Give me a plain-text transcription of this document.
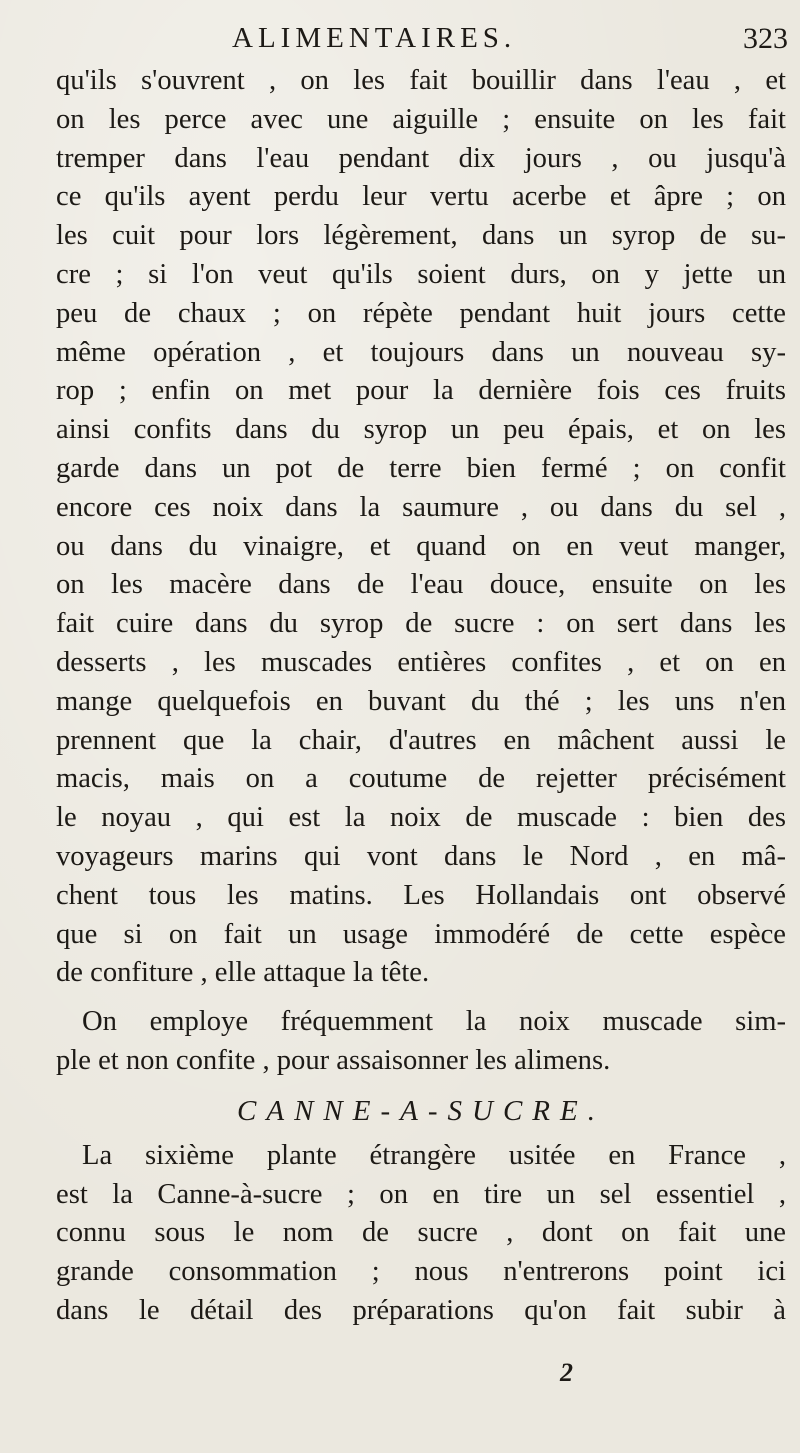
ALIMENTAIRES.	323
qu'ils s'ouvrent , on les fait bouillir dans l'eau , et
on les perce avec une aiguille ; ensuite on les fait
tremper dans l'eau pendant dix jours , ou jusqu'à
ce qu'ils ayent perdu leur vertu acerbe et âpre ; on
les cuit pour lors légèrement, dans un syrop de su-
cre ; si l'on veut qu'ils soient durs, on y jette un
peu de chaux ; on répète pendant huit jours cette
même opération , et toujours dans un nouveau sy-
rop ; enfin on met pour la dernière fois ces fruits
ainsi confits dans du syrop un peu épais, et on les
garde dans un pot de terre bien fermé ; on confit
encore ces noix dans la saumure , ou dans du sel ,
ou dans du vinaigre, et quand on en veut manger,
on les macère dans de l'eau douce, ensuite on les
fait cuire dans du syrop de sucre : on sert dans les
desserts , les muscades entières confites , et on en
mange quelquefois en buvant du thé ; les uns n'en
prennent que la chair, d'autres en mâchent aussi le
macis, mais on a coutume de rejetter précisément
le noyau , qui est la noix de muscade : bien des
voyageurs marins qui vont dans le Nord , en mâ-
chent tous les matins. Les Hollandais ont observé
que si on fait un usage immodéré de cette espèce
de confiture , elle attaque la tête.
On employe fréquemment la noix muscade sim-
ple et non confite , pour assaisonner les alimens.
CANNE-A-SUCRE.
La sixième plante étrangère usitée en France ,
est la Canne-à-sucre ; on en tire un sel essentiel ,
connu sous le nom de sucre , dont on fait une
grande consommation ; nous n'entrerons point ici
dans le détail des préparations qu'on fait subir à
2
